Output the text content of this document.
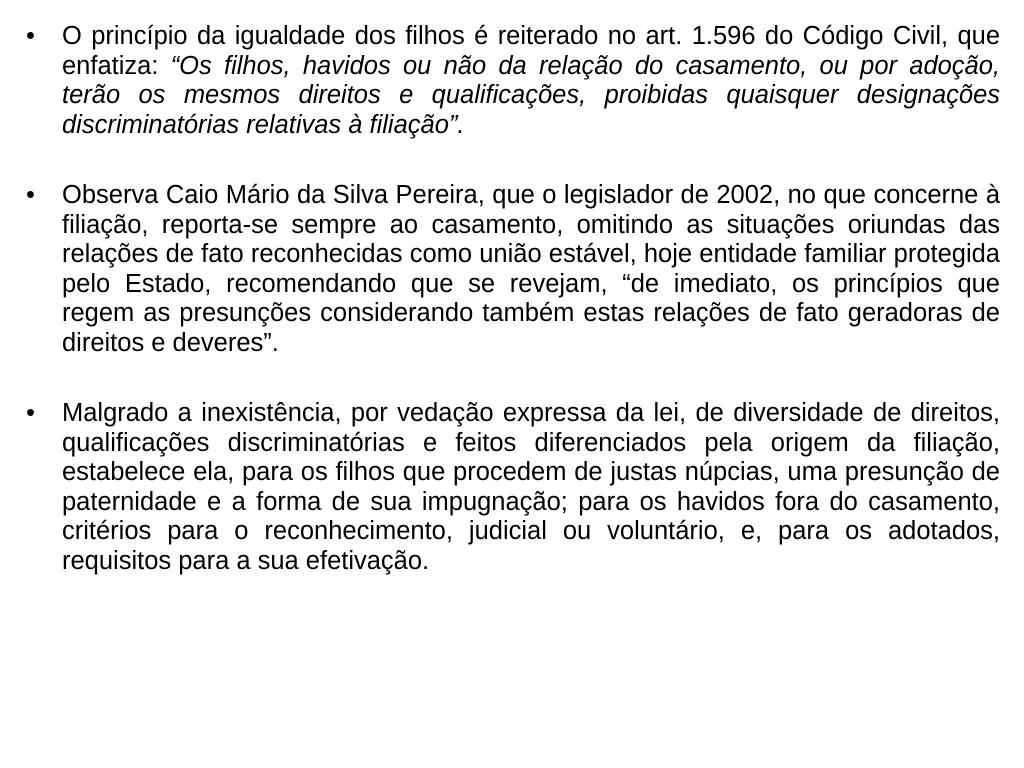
•	O princípio da igualdade dos filhos é reiterado no art. 1.596 do Código Civil, que enfatiza: “Os filhos, havidos ou não da relação do casamento, ou por adoção, terão os mesmos direitos e qualificações, proibidas quaisquer designações discriminatórias relativas à filiação”.
•	Observa Caio Mário da Silva Pereira, que o legislador de 2002, no que concerne à filiação, reporta-se sempre ao casamento, omitindo as situações oriundas das relações de fato reconhecidas como união estável, hoje entidade familiar protegida pelo Estado, recomendando que se revejam, “de imediato, os princípios que regem as presunções considerando também estas relações de fato geradoras de direitos e deveres”.
•	Malgrado a inexistência, por vedação expressa da lei, de diversidade de direitos, qualificações discriminatórias e feitos diferenciados pela origem da filiação, estabelece ela, para os filhos que procedem de justas núpcias, uma presunção de paternidade e a forma de sua impugnação; para os havidos fora do casamento, critérios para o reconhecimento, judicial ou voluntário, e, para os adotados, requisitos para a sua efetivação.
